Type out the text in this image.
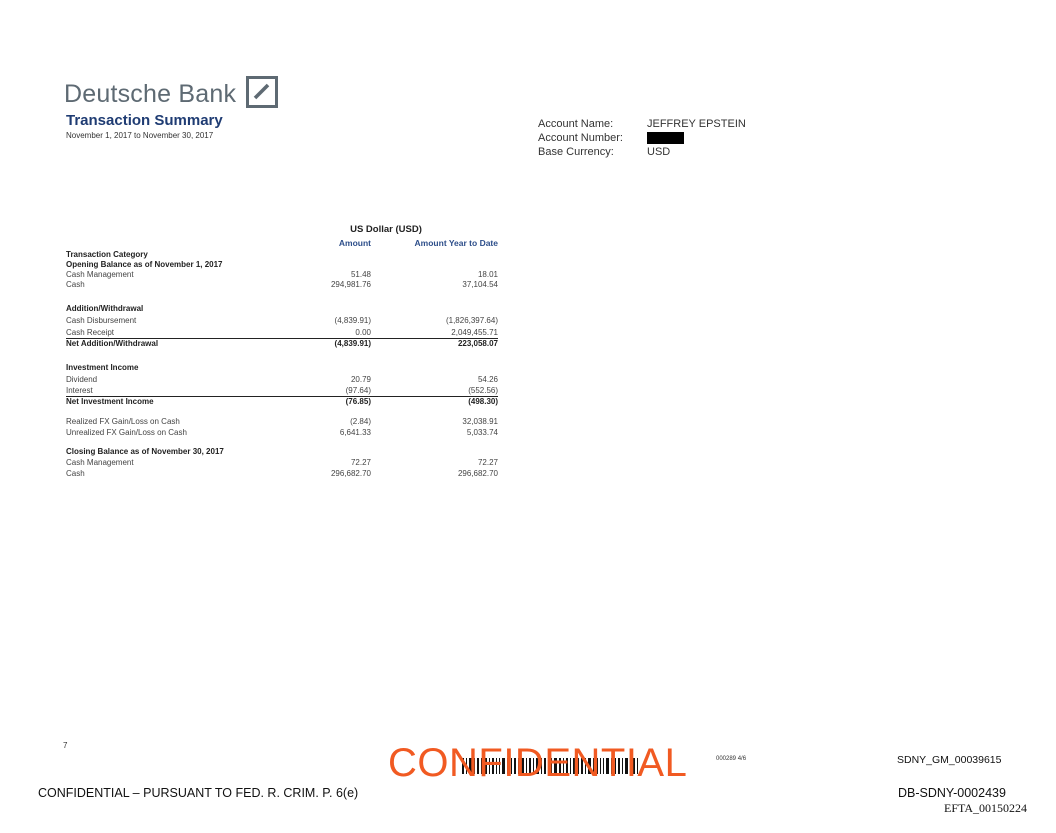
Deutsche Bank
Transaction Summary
November 1, 2017 to November 30, 2017
Account Name:	JEFFREY EPSTEIN
Account Number:
Base Currency:	USD
US Dollar (USD)
Amount	Amount Year to Date
Transaction Category
Opening Balance as of November 1, 2017
Cash Management	51.48	18.01
Cash	294,981.76	37,104.54
Addition/Withdrawal
Cash Disbursement	(4,839.91)	(1,826,397.64)
Cash Receipt	0.00	2,049,455.71
Net Addition/Withdrawal	(4,839.91)	223,058.07
Investment Income
Dividend	20.79	54.26
Interest	(97.64)	(552.56)
Net Investment Income	(76.85)	(498.30)
Realized FX Gain/Loss on Cash	(2.84)	32,038.91
Unrealized FX Gain/Loss on Cash	6,641.33	5,033.74
Closing Balance as of November 30, 2017
Cash Management	72.27	72.27
Cash	296,682.70	296,682.70
7	CONFIDENTIAL	000289 4/6	SDNY_GM_00039615
CONFIDENTIAL – PURSUANT TO FED. R. CRIM. P. 6(e)	DB-SDNY-0002439
EFTA_00150224
